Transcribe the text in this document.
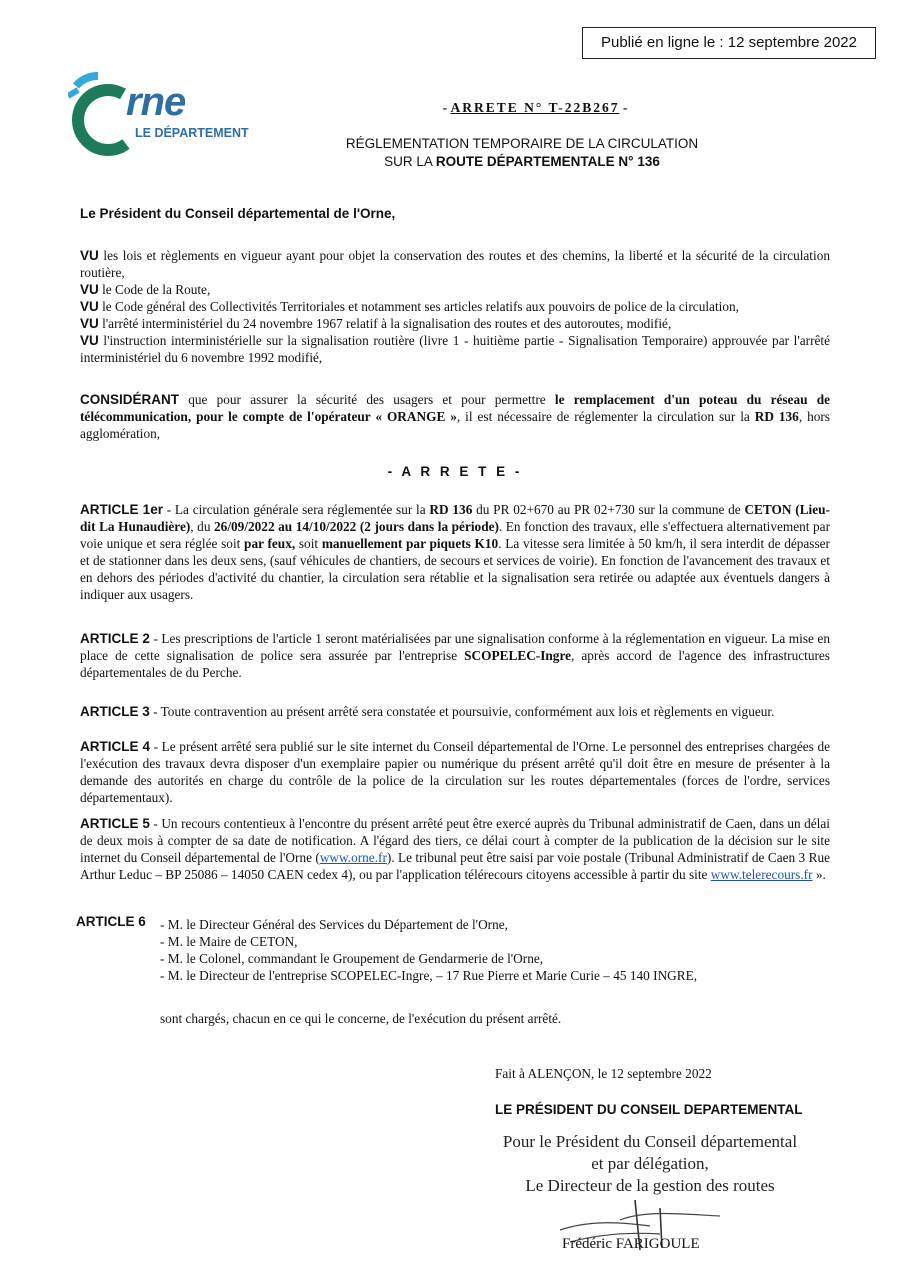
Publié en ligne le : 12 septembre 2022
rne
LE DÉPARTEMENT
- ARRETE N° T-22B267 -
RÉGLEMENTATION TEMPORAIRE DE LA CIRCULATION
SUR LA ROUTE DÉPARTEMENTALE N° 136
Le Président du Conseil départemental de l'Orne,
VU les lois et règlements en vigueur ayant pour objet la conservation des routes et des chemins, la liberté et la sécurité de la circulation routière,
VU le Code de la Route,
VU le Code général des Collectivités Territoriales et notamment ses articles relatifs aux pouvoirs de police de la circulation,
VU l'arrêté interministériel du 24 novembre 1967 relatif à la signalisation des routes et des autoroutes, modifié,
VU l'instruction interministérielle sur la signalisation routière (livre 1 - huitième partie - Signalisation Temporaire) approuvée par l'arrêté interministériel du 6 novembre 1992 modifié,
CONSIDÉRANT que pour assurer la sécurité des usagers et pour permettre le remplacement d'un poteau du réseau de télécommunication, pour le compte de l'opérateur « ORANGE », il est nécessaire de réglementer la circulation sur la RD 136, hors agglomération,
- A R R E T E -
ARTICLE 1er - La circulation générale sera réglementée sur la RD 136 du PR 02+670 au PR 02+730 sur la commune de CETON (Lieu-dit La Hunaudière), du 26/09/2022 au 14/10/2022 (2 jours dans la période). En fonction des travaux, elle s'effectuera alternativement par voie unique et sera réglée soit par feux, soit manuellement par piquets K10. La vitesse sera limitée à 50 km/h, il sera interdit de dépasser et de stationner dans les deux sens, (sauf véhicules de chantiers, de secours et services de voirie). En fonction de l'avancement des travaux et en dehors des périodes d'activité du chantier, la circulation sera rétablie et la signalisation sera retirée ou adaptée aux éventuels dangers à indiquer aux usagers.
ARTICLE 2 - Les prescriptions de l'article 1 seront matérialisées par une signalisation conforme à la réglementation en vigueur. La mise en place de cette signalisation de police sera assurée par l'entreprise SCOPELEC-Ingre, après accord de l'agence des infrastructures départementales de du Perche.
ARTICLE 3 - Toute contravention au présent arrêté sera constatée et poursuivie, conformément aux lois et règlements en vigueur.
ARTICLE 4 - Le présent arrêté sera publié sur le site internet du Conseil départemental de l'Orne. Le personnel des entreprises chargées de l'exécution des travaux devra disposer d'un exemplaire papier ou numérique du présent arrêté qu'il doit être en mesure de présenter à la demande des autorités en charge du contrôle de la police de la circulation sur les routes départementales (forces de l'ordre, services départementaux).
ARTICLE 5 - Un recours contentieux à l'encontre du présent arrêté peut être exercé auprès du Tribunal administratif de Caen, dans un délai de deux mois à compter de sa date de notification. A l'égard des tiers, ce délai court à compter de la publication de la décision sur le site internet du Conseil départemental de l'Orne (www.orne.fr). Le tribunal peut être saisi par voie postale (Tribunal Administratif de Caen 3 Rue Arthur Leduc – BP 25086 – 14050 CAEN cedex 4), ou par l'application télérecours citoyens accessible à partir du site www.telerecours.fr ».
ARTICLE 6 - M. le Directeur Général des Services du Département de l'Orne,
- M. le Maire de CETON,
- M. le Colonel, commandant le Groupement de Gendarmerie de l'Orne,
- M. le Directeur de l'entreprise SCOPELEC-Ingre, – 17 Rue Pierre et Marie Curie – 45 140 INGRE,
sont chargés, chacun en ce qui le concerne, de l'exécution du présent arrêté.
Fait à ALENÇON, le 12 septembre 2022
LE PRÉSIDENT DU CONSEIL DEPARTEMENTAL
Pour le Président du Conseil départemental
et par délégation,
Le Directeur de la gestion des routes
Frédéric FARIGOULE
